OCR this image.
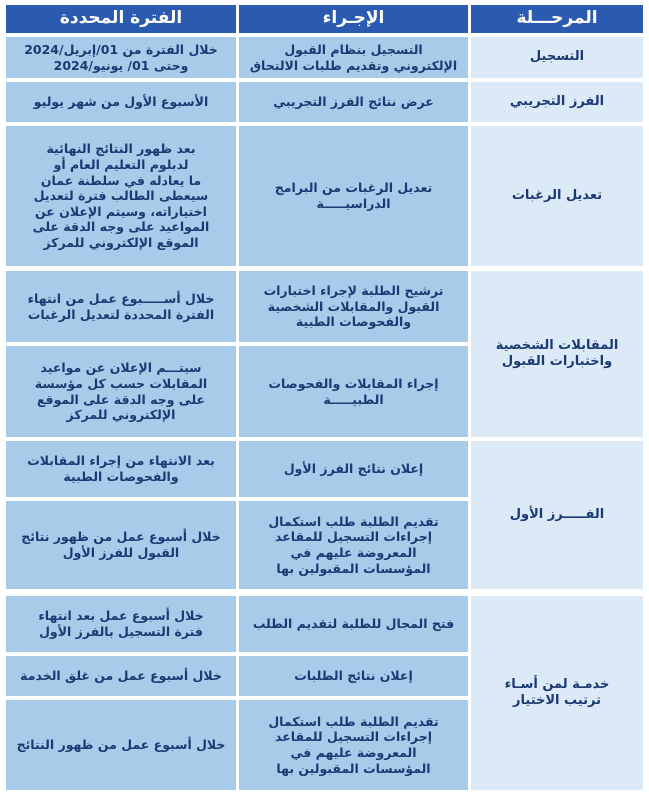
المرحـــلة
الإجـراء
الفترة المحددة
التسجيل
الفرز التجريبي
تعديل الرغبات
المقابلات الشخصية
واختبارات القبول
الفـــــرز الأول
خدمـة لمن أسـاء
ترتيب الاختيار
التسجيل بنظام القبول
الإلكتروني وتقديم طلبات الالتحاق
عرض نتائج الفرز التجريبي
تعديل الرغبات من البرامج
الدراسيـــــة
ترشيح الطلبة لإجراء اختبارات
القبول والمقابلات الشخصية
والفحوصات الطبية
إجراء المقابلات والفحوصات
الطبيـــــة
إعلان نتائج الفرز الأول
تقديم الطلبة طلب استكمال
إجراءات التسجيل للمقاعد
المعروضة عليهم في
المؤسسات المقبولين بها
فتح المجال للطلبة لتقديم الطلب
إعلان نتائج الطلبات
تقديم الطلبة طلب استكمال
إجراءات التسجيل للمقاعد
المعروضة عليهم في
المؤسسات المقبولين بها
خلال الفترة من 01/إبريل/2024
وحتى 01/ يونيو/2024
الأسبوع الأول من شهر يوليو
بعد ظهور النتائج النهائية
لدبلوم التعليم العام أو
ما يعادله في سلطنة عمان
سيعطى الطالب فترة لتعديل
اختياراته، وسيتم الإعلان عن
المواعيد على وجه الدقة على
الموقع الإلكتروني للمركز
خلال أســـــبوع عمل من انتهاء
الفترة المحددة لتعديل الرغبات
سيتـــم الإعلان عن مواعيد
المقابلات حسب كل مؤسسة
على وجه الدقة على الموقع
الإلكتروني للمركز
بعد الانتهاء من إجراء المقابلات
والفحوصات الطبية
خلال أسبوع عمل من ظهور نتائج
القبول للفرز الأول
خلال أسبوع عمل بعد انتهاء
فترة التسجيل بالفرز الأول
خلال أسبوع عمل من غلق الخدمة
خلال أسبوع عمل من ظهور النتائج
